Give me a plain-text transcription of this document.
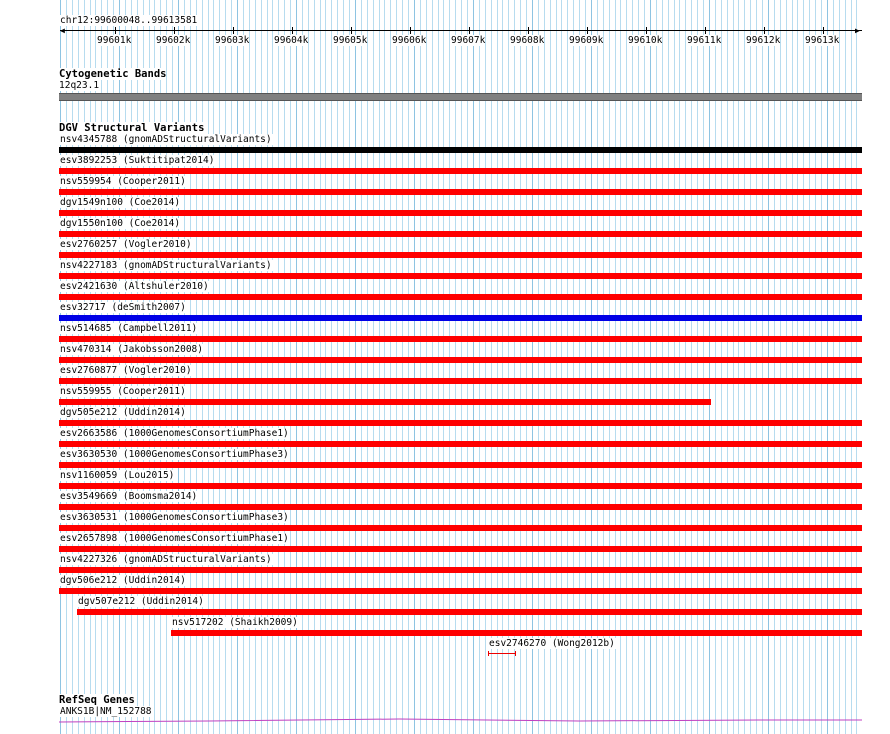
chr12:99600048..99613581
◀	▶
99601k	99602k	99603k	99604k	99605k	99606k	99607k	99608k	99609k	99610k	99611k	99612k	99613k
Cytogenetic Bands
12q23.1
DGV Structural Variants
nsv4345788 (gnomADStructuralVariants)
esv3892253 (Suktitipat2014)
nsv559954 (Cooper2011)
dgv1549n100 (Coe2014)
dgv1550n100 (Coe2014)
esv2760257 (Vogler2010)
nsv4227183 (gnomADStructuralVariants)
esv2421630 (Altshuler2010)
esv32717 (deSmith2007)
nsv514685 (Campbell2011)
nsv470314 (Jakobsson2008)
esv2760877 (Vogler2010)
nsv559955 (Cooper2011)
dgv505e212 (Uddin2014)
esv2663586 (1000GenomesConsortiumPhase1)
esv3630530 (1000GenomesConsortiumPhase3)
nsv1160059 (Lou2015)
esv3549669 (Boomsma2014)
esv3630531 (1000GenomesConsortiumPhase3)
esv2657898 (1000GenomesConsortiumPhase1)
nsv4227326 (gnomADStructuralVariants)
dgv506e212 (Uddin2014)
dgv507e212 (Uddin2014)
nsv517202 (Shaikh2009)
esv2746270 (Wong2012b)
RefSeq Genes
ANKS1B|NM_152788
